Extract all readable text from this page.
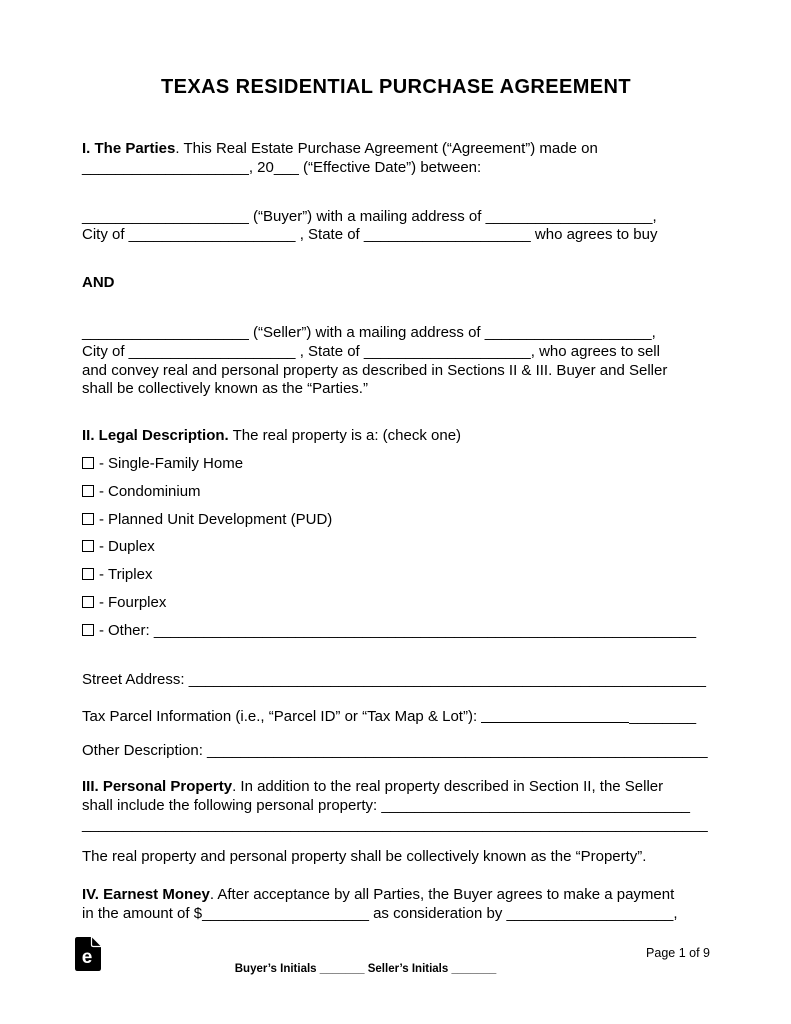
TEXAS RESIDENTIAL PURCHASE AGREEMENT

I. The Parties. This Real Estate Purchase Agreement (“Agreement”) made on
____________________, 20___ (“Effective Date”) between:

____________________ (“Buyer”) with a mailing address of ____________________,
City of ____________________ , State of ____________________ who agrees to buy

AND

____________________ (“Seller”) with a mailing address of ____________________,
City of ____________________ , State of ____________________, who agrees to sell
and convey real and personal property as described in Sections II & III. Buyer and Seller
shall be collectively known as the “Parties.”

II. Legal Description. The real property is a: (check one)

- Single-Family Home
- Condominium
- Planned Unit Development (PUD)
- Duplex
- Triplex
- Fourplex
- Other: _________________________________________________________________

Street Address: ______________________________________________________________

Tax Parcel Information (i.e., “Parcel ID” or “Tax Map & Lot”):	________

Other Description: ____________________________________________________________

III. Personal Property. In addition to the real property described in Section II, the Seller
shall include the following personal property: _____________________________________
___________________________________________________________________________

The real property and personal property shall be collectively known as the “Property”.

IV. Earnest Money. After acceptance by all Parties, the Buyer agrees to make a payment
in the amount of $____________________ as consideration by ____________________,

e	Page 1 of 9
Buyer’s Initials _______ Seller’s Initials _______
